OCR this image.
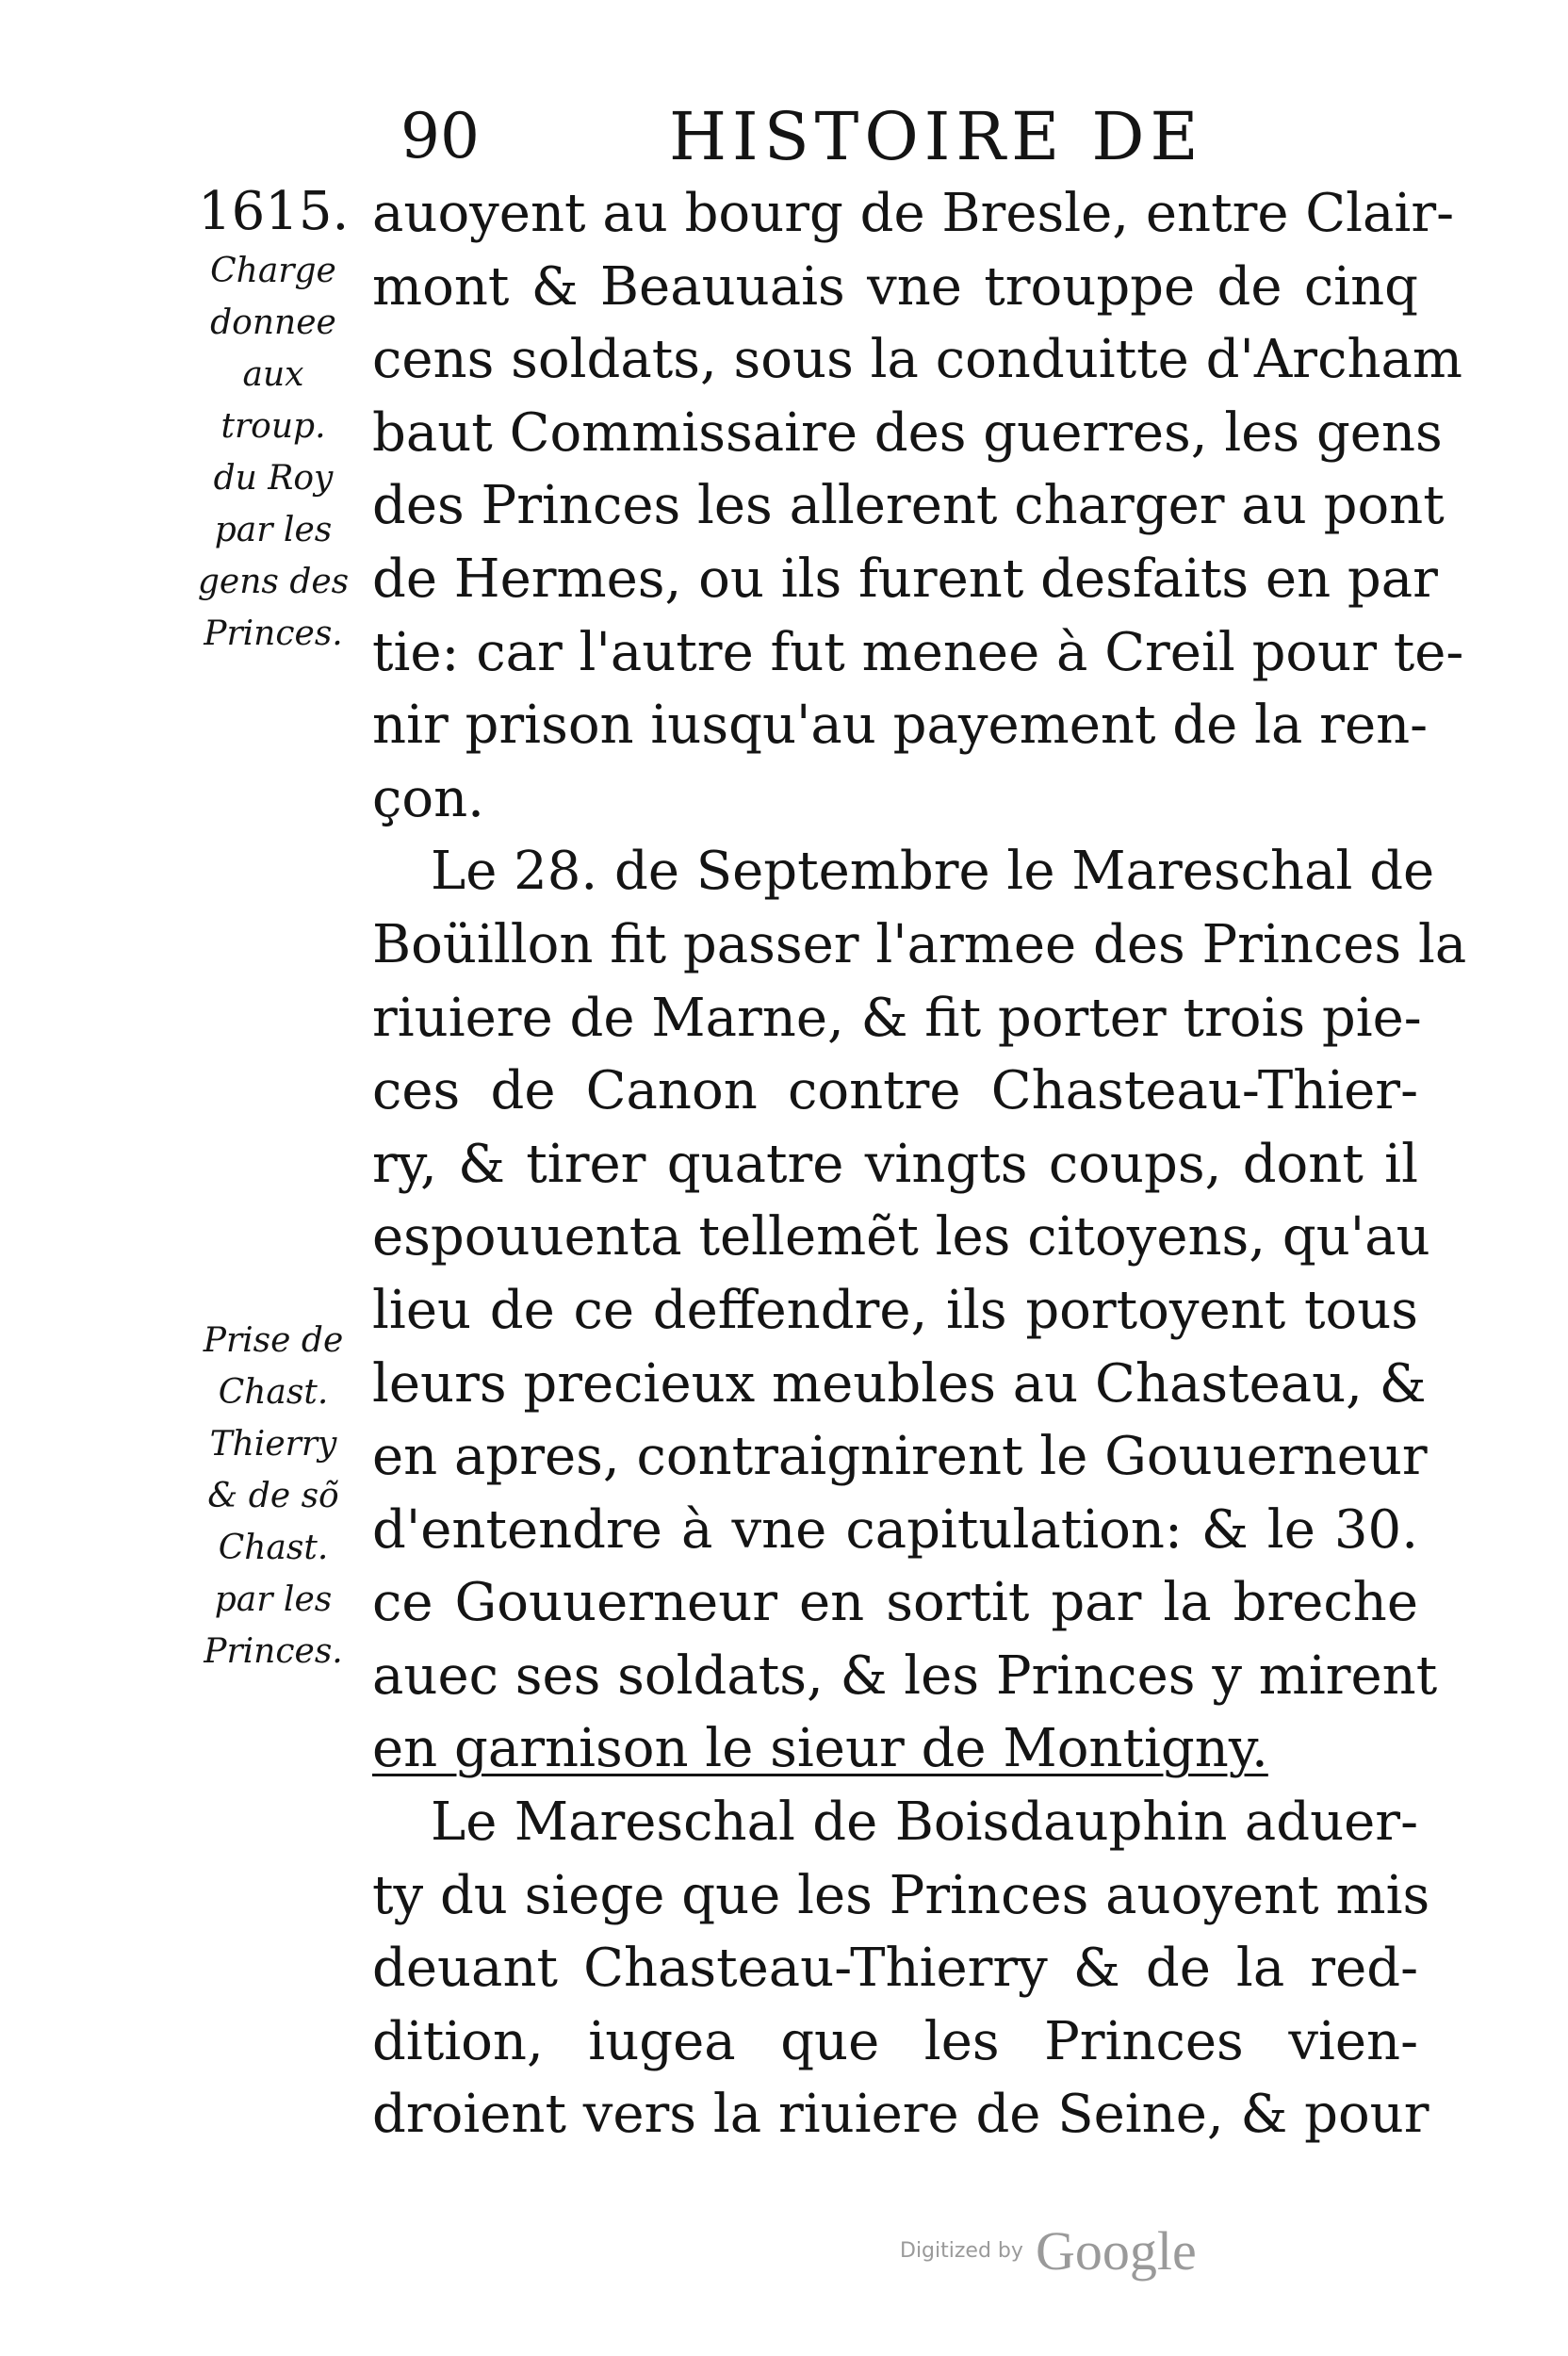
90	HISTOIRE DE
1615.
Charge
donnee
aux
troup.
du Roy
par les
gens des
Princes.
Prise de
Chast.
Thierry
& de sõ
Chast.
par les
Princes.
auoyent au bourg de Bresle, entre Clair-
mont & Beauuais vne trouppe de cinq
cens soldats, sous la conduitte d'Archam
baut Commissaire des guerres, les gens
des Princes les allerent charger au pont
de Hermes, ou ils furent desfaits en par
tie: car l'autre fut menee à Creil pour te-
nir prison iusqu'au payement de la ren-
çon.
Le 28. de Septembre le Mareschal de
Boüillon fit passer l'armee des Princes la
riuiere de Marne, & fit porter trois pie-
ces de Canon contre Chasteau-Thier-
ry, & tirer quatre vingts coups, dont il
espouuenta tellemẽt les citoyens, qu'au
lieu de ce deffendre, ils portoyent tous
leurs precieux meubles au Chasteau, &
en apres, contraignirent le Gouuerneur
d'entendre à vne capitulation: & le 30.
ce Gouuerneur en sortit par la breche
auec ses soldats, & les Princes y mirent
en garnison le sieur de Montigny.
Le Mareschal de Boisdauphin aduer-
ty du siege que les Princes auoyent mis
deuant Chasteau-Thierry & de la red-
dition, iugea que les Princes vien-
droient vers la riuiere de Seine, & pour
Digitized by Google
